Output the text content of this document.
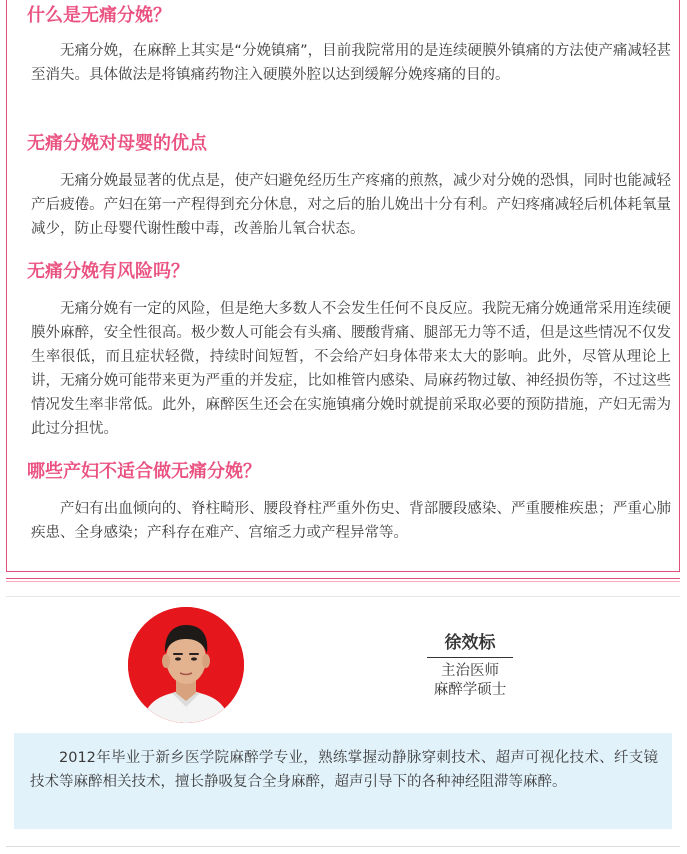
什么是无痛分娩？

无痛分娩，在麻醉上其实是“分娩镇痛”，目前我院常用的是连续硬膜外镇痛的方法使产痛减轻甚至消失。具体做法是将镇痛药物注入硬膜外腔以达到缓解分娩疼痛的目的。

无痛分娩对母婴的优点

无痛分娩最显著的优点是，使产妇避免经历生产疼痛的煎熬，减少对分娩的恐惧，同时也能减轻产后疲倦。产妇在第一产程得到充分休息，对之后的胎儿娩出十分有利。产妇疼痛减轻后机体耗氧量减少，防止母婴代谢性酸中毒，改善胎儿氧合状态。

无痛分娩有风险吗？

无痛分娩有一定的风险，但是绝大多数人不会发生任何不良反应。我院无痛分娩通常采用连续硬膜外麻醉，安全性很高。极少数人可能会有头痛、腰酸背痛、腿部无力等不适，但是这些情况不仅发生率很低，而且症状轻微，持续时间短暂，不会给产妇身体带来太大的影响。此外，尽管从理论上讲，无痛分娩可能带来更为严重的并发症，比如椎管内感染、局麻药物过敏、神经损伤等，不过这些情况发生率非常低。此外，麻醉医生还会在实施镇痛分娩时就提前采取必要的预防措施，产妇无需为此过分担忧。

哪些产妇不适合做无痛分娩？

产妇有出血倾向的、脊柱畸形、腰段脊柱严重外伤史、背部腰段感染、严重腰椎疾患；严重心肺疾患、全身感染；产科存在难产、宫缩乏力或产程异常等。

徐效标
主治医师
麻醉学硕士

2012年毕业于新乡医学院麻醉学专业，熟练掌握动静脉穿刺技术、超声可视化技术、纤支镜技术等麻醉相关技术，擅长静吸复合全身麻醉，超声引导下的各种神经阻滞等麻醉。
